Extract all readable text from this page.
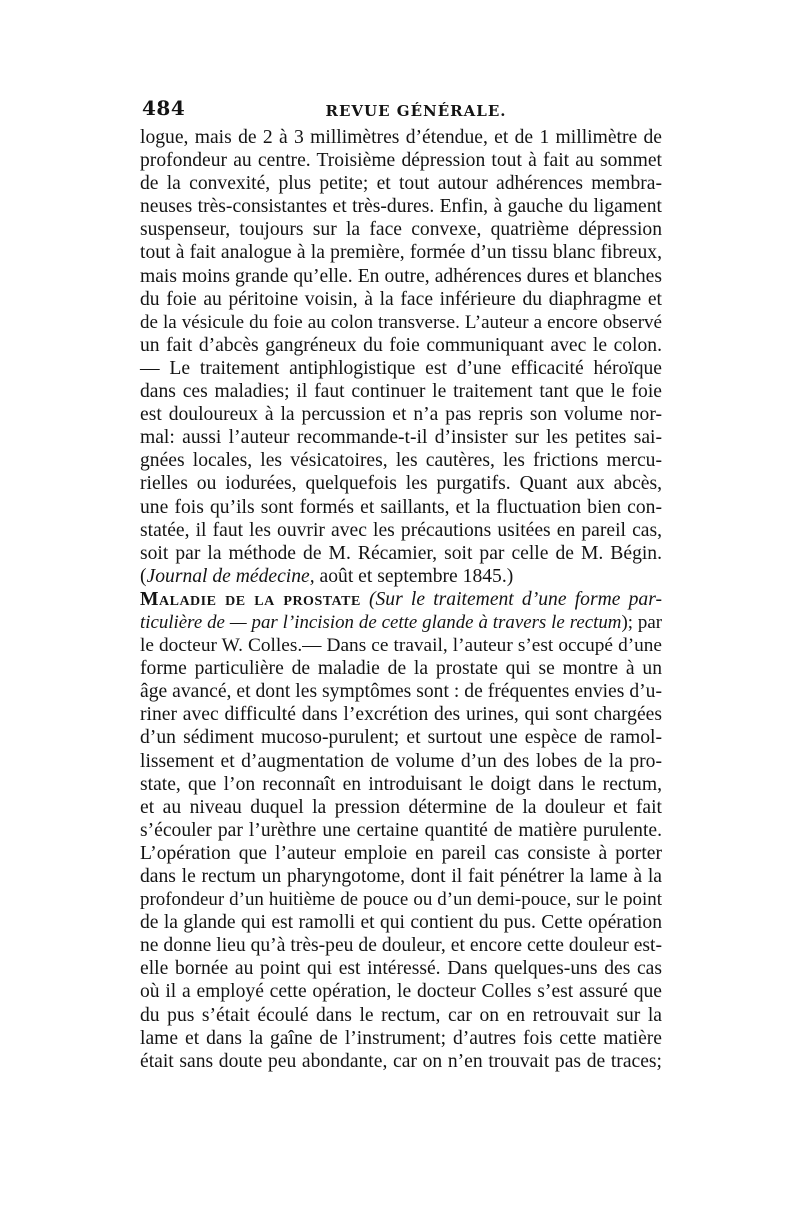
484	REVUE GÉNÉRALE.
logue, mais de 2 à 3 millimètres d’étendue, et de 1 millimètre de
profondeur au centre. Troisième dépression tout à fait au sommet
de la convexité, plus petite; et tout autour adhérences membra-
neuses très-consistantes et très-dures. Enfin, à gauche du ligament
suspenseur, toujours sur la face convexe, quatrième dépression
tout à fait analogue à la première, formée d’un tissu blanc fibreux,
mais moins grande qu’elle. En outre, adhérences dures et blanches
du foie au péritoine voisin, à la face inférieure du diaphragme et
de la vésicule du foie au colon transverse. L’auteur a encore observé
un fait d’abcès gangréneux du foie communiquant avec le colon.
— Le traitement antiphlogistique est d’une efficacité héroïque
dans ces maladies; il faut continuer le traitement tant que le foie
est douloureux à la percussion et n’a pas repris son volume nor-
mal: aussi l’auteur recommande-t-il d’insister sur les petites sai-
gnées locales, les vésicatoires, les cautères, les frictions mercu-
rielles ou iodurées, quelquefois les purgatifs. Quant aux abcès,
une fois qu’ils sont formés et saillants, et la fluctuation bien con-
statée, il faut les ouvrir avec les précautions usitées en pareil cas,
soit par la méthode de M. Récamier, soit par celle de M. Bégin.
(Journal de médecine, août et septembre 1845.)
Maladie de la prostate (Sur le traitement d’une forme par-
ticulière de — par l’incision de cette glande à travers le rectum); par
le docteur W. Colles.— Dans ce travail, l’auteur s’est occupé d’une
forme particulière de maladie de la prostate qui se montre à un
âge avancé, et dont les symptômes sont : de fréquentes envies d’u-
riner avec difficulté dans l’excrétion des urines, qui sont chargées
d’un sédiment mucoso-purulent; et surtout une espèce de ramol-
lissement et d’augmentation de volume d’un des lobes de la pro-
state, que l’on reconnaît en introduisant le doigt dans le rectum,
et au niveau duquel la pression détermine de la douleur et fait
s’écouler par l’urèthre une certaine quantité de matière purulente.
L’opération que l’auteur emploie en pareil cas consiste à porter
dans le rectum un pharyngotome, dont il fait pénétrer la lame à la
profondeur d’un huitième de pouce ou d’un demi-pouce, sur le point
de la glande qui est ramolli et qui contient du pus. Cette opération
ne donne lieu qu’à très-peu de douleur, et encore cette douleur est-
elle bornée au point qui est intéressé. Dans quelques-uns des cas
où il a employé cette opération, le docteur Colles s’est assuré que
du pus s’était écoulé dans le rectum, car on en retrouvait sur la
lame et dans la gaîne de l’instrument; d’autres fois cette matière
était sans doute peu abondante, car on n’en trouvait pas de traces;
